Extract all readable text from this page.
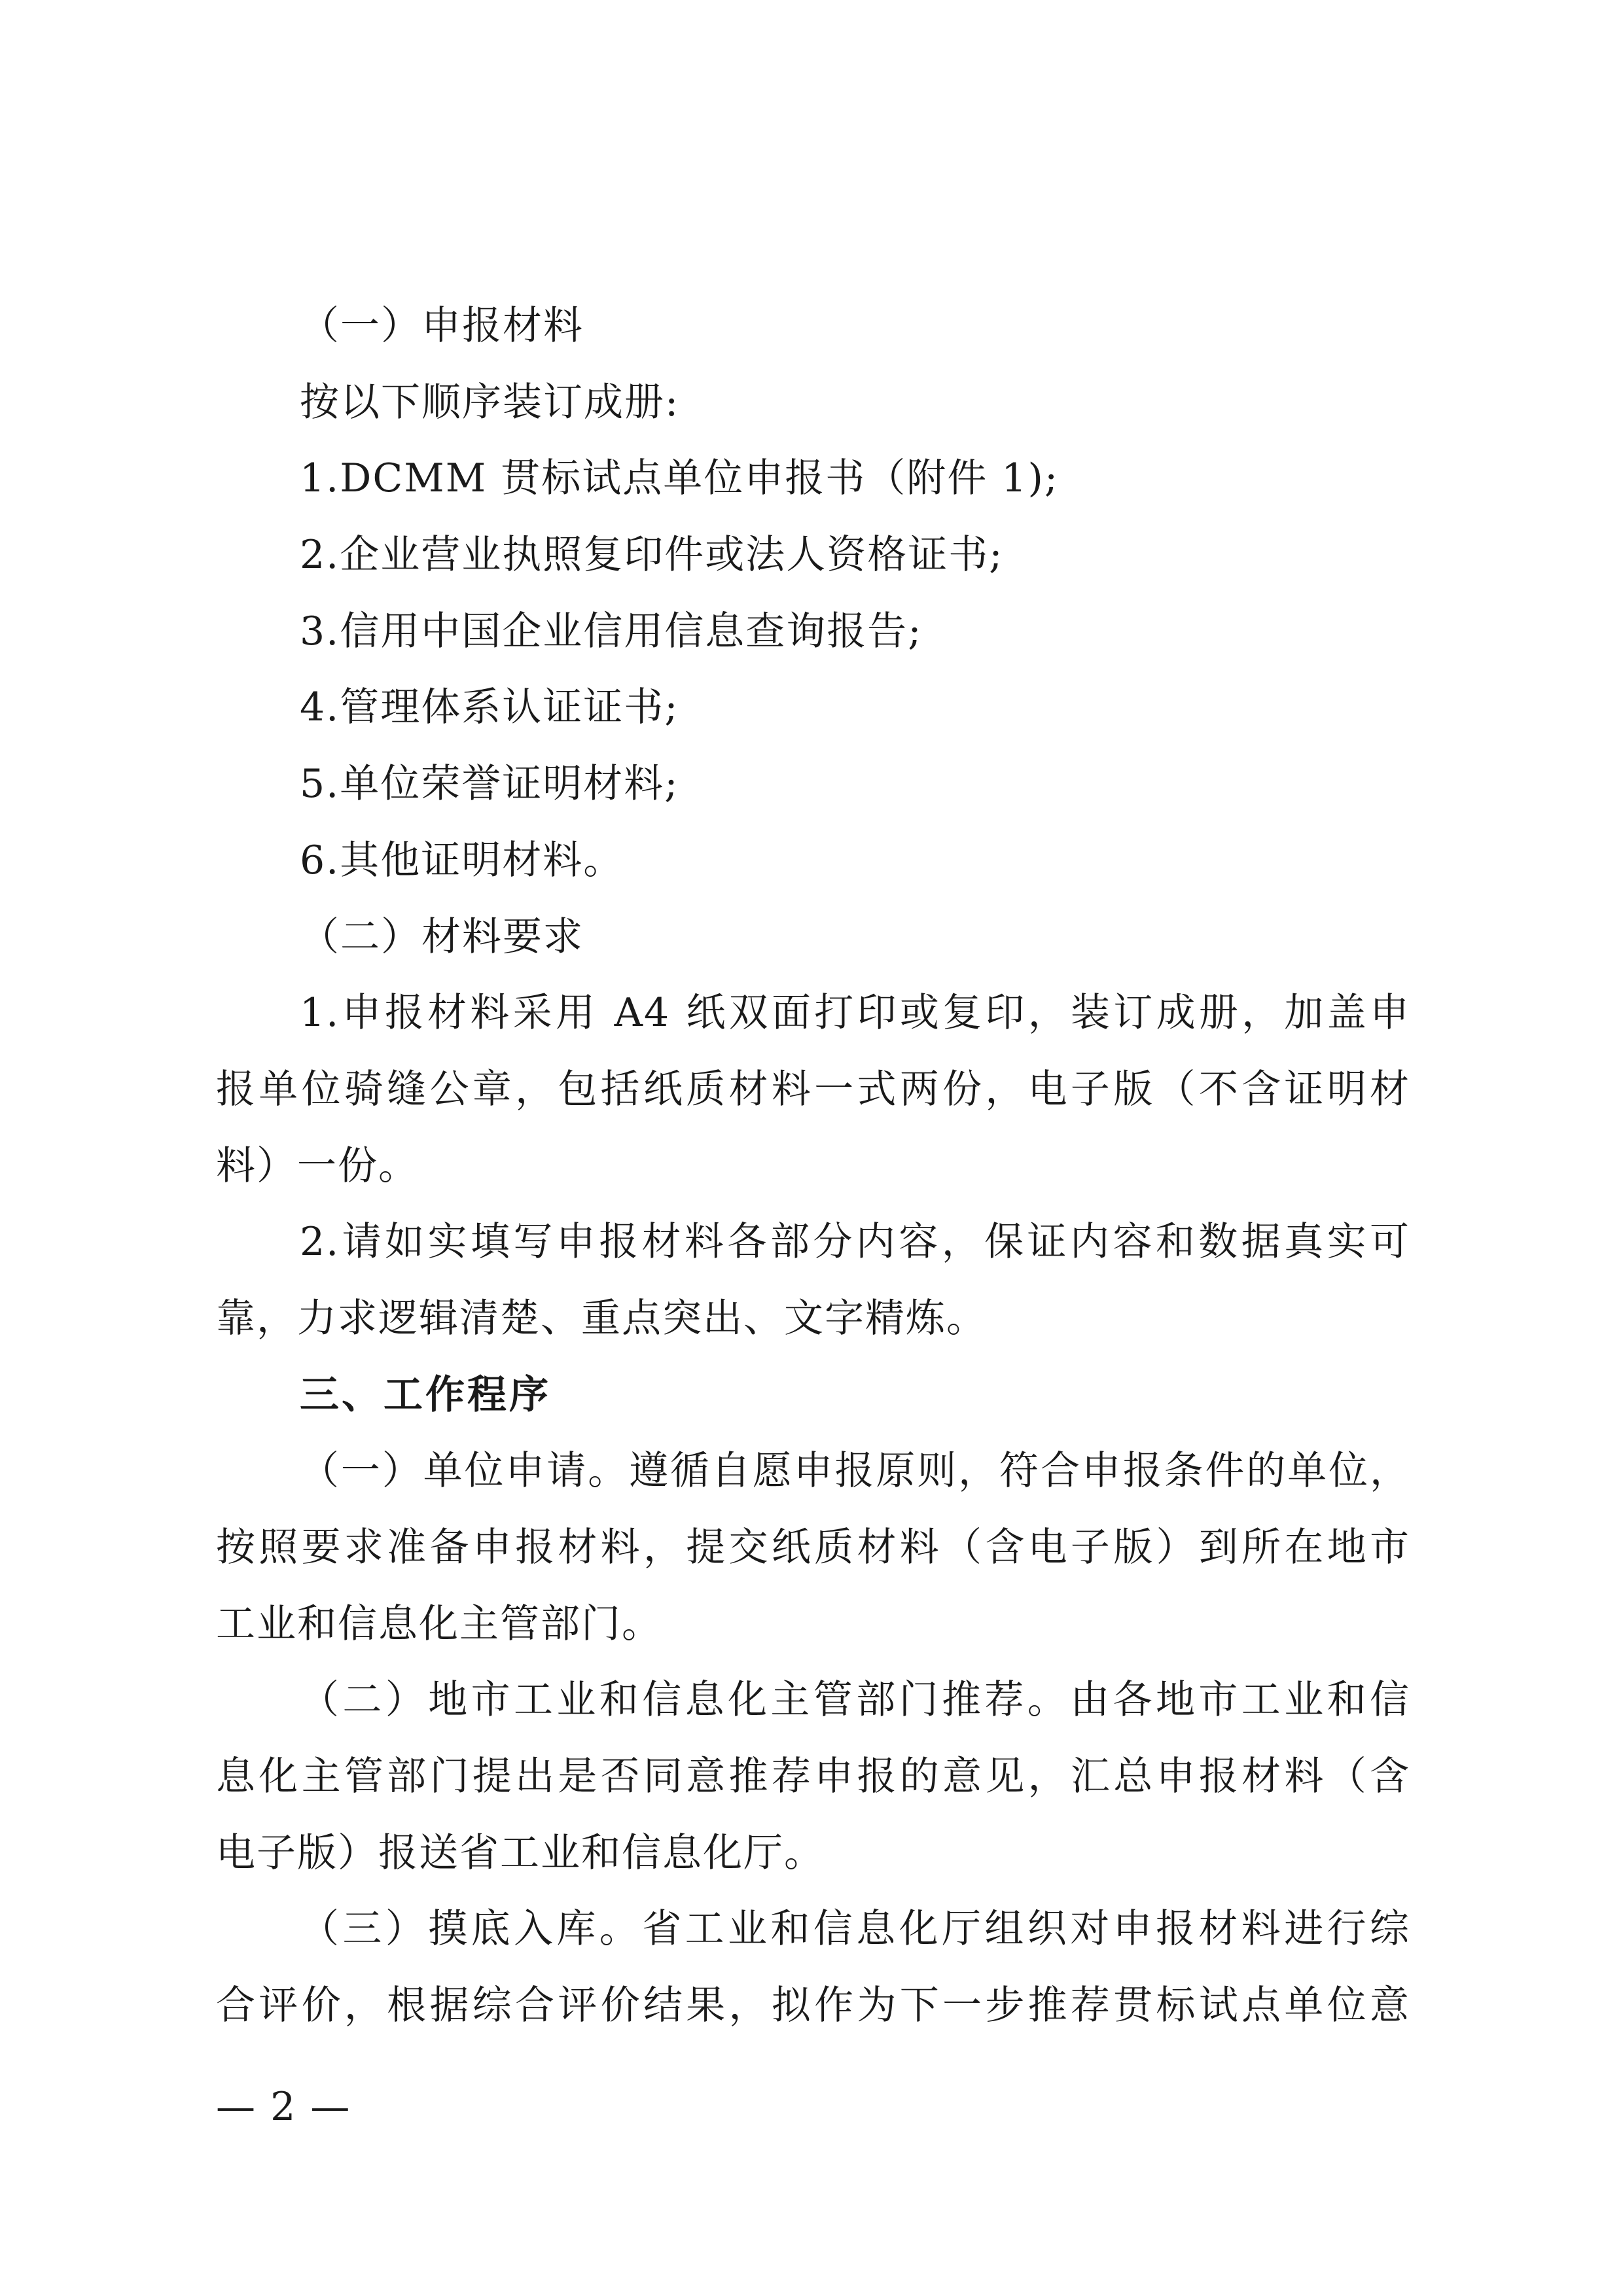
（一）申报材料
按以下顺序装订成册:
1.DCMM 贯标试点单位申报书（附件 1);
2.企业营业执照复印件或法人资格证书;
3.信用中国企业信用信息查询报告;
4.管理体系认证证书;
5.单位荣誉证明材料;
6.其他证明材料。
（二）材料要求
1.申报材料采用 A4 纸双面打印或复印，装订成册，加盖申
报单位骑缝公章，包括纸质材料一式两份，电子版（不含证明材
料）一份。
2.请如实填写申报材料各部分内容，保证内容和数据真实可
靠，力求逻辑清楚、重点突出、文字精炼。
三、工作程序
（一）单位申请。遵循自愿申报原则，符合申报条件的单位，
按照要求准备申报材料，提交纸质材料（含电子版）到所在地市
工业和信息化主管部门。
（二）地市工业和信息化主管部门推荐。由各地市工业和信
息化主管部门提出是否同意推荐申报的意见，汇总申报材料（含
电子版）报送省工业和信息化厅。
（三）摸底入库。省工业和信息化厅组织对申报材料进行综
合评价，根据综合评价结果，拟作为下一步推荐贯标试点单位意
— 2 —
